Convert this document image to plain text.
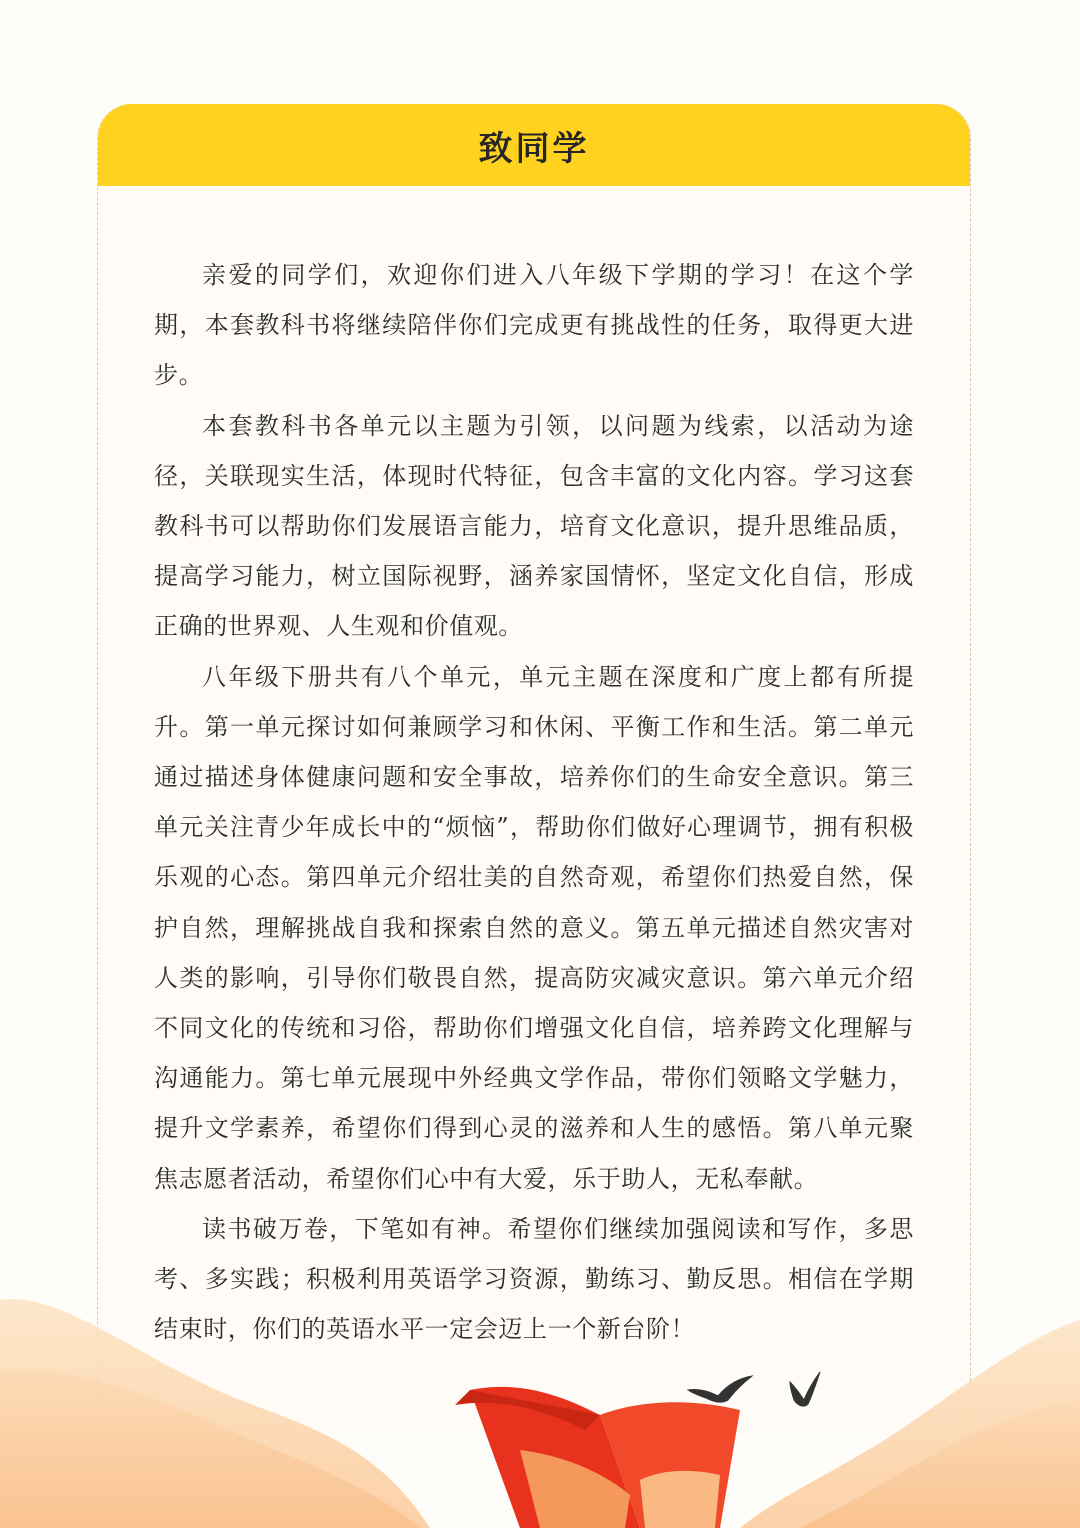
致同学

亲爱的同学们，欢迎你们进入八年级下学期的学习！在这个学期，本套教科书将继续陪伴你们完成更有挑战性的任务，取得更大进步。

本套教科书各单元以主题为引领，以问题为线索，以活动为途径，关联现实生活，体现时代特征，包含丰富的文化内容。学习这套教科书可以帮助你们发展语言能力，培育文化意识，提升思维品质，提高学习能力，树立国际视野，涵养家国情怀，坚定文化自信，形成正确的世界观、人生观和价值观。

八年级下册共有八个单元，单元主题在深度和广度上都有所提升。第一单元探讨如何兼顾学习和休闲、平衡工作和生活。第二单元通过描述身体健康问题和安全事故，培养你们的生命安全意识。第三单元关注青少年成长中的“烦恼”，帮助你们做好心理调节，拥有积极乐观的心态。第四单元介绍壮美的自然奇观，希望你们热爱自然，保护自然，理解挑战自我和探索自然的意义。第五单元描述自然灾害对人类的影响，引导你们敬畏自然，提高防灾减灾意识。第六单元介绍不同文化的传统和习俗，帮助你们增强文化自信，培养跨文化理解与沟通能力。第七单元展现中外经典文学作品，带你们领略文学魅力，提升文学素养，希望你们得到心灵的滋养和人生的感悟。第八单元聚焦志愿者活动，希望你们心中有大爱，乐于助人，无私奉献。

读书破万卷，下笔如有神。希望你们继续加强阅读和写作，多思考、多实践；积极利用英语学习资源，勤练习、勤反思。相信在学期结束时，你们的英语水平一定会迈上一个新台阶！
